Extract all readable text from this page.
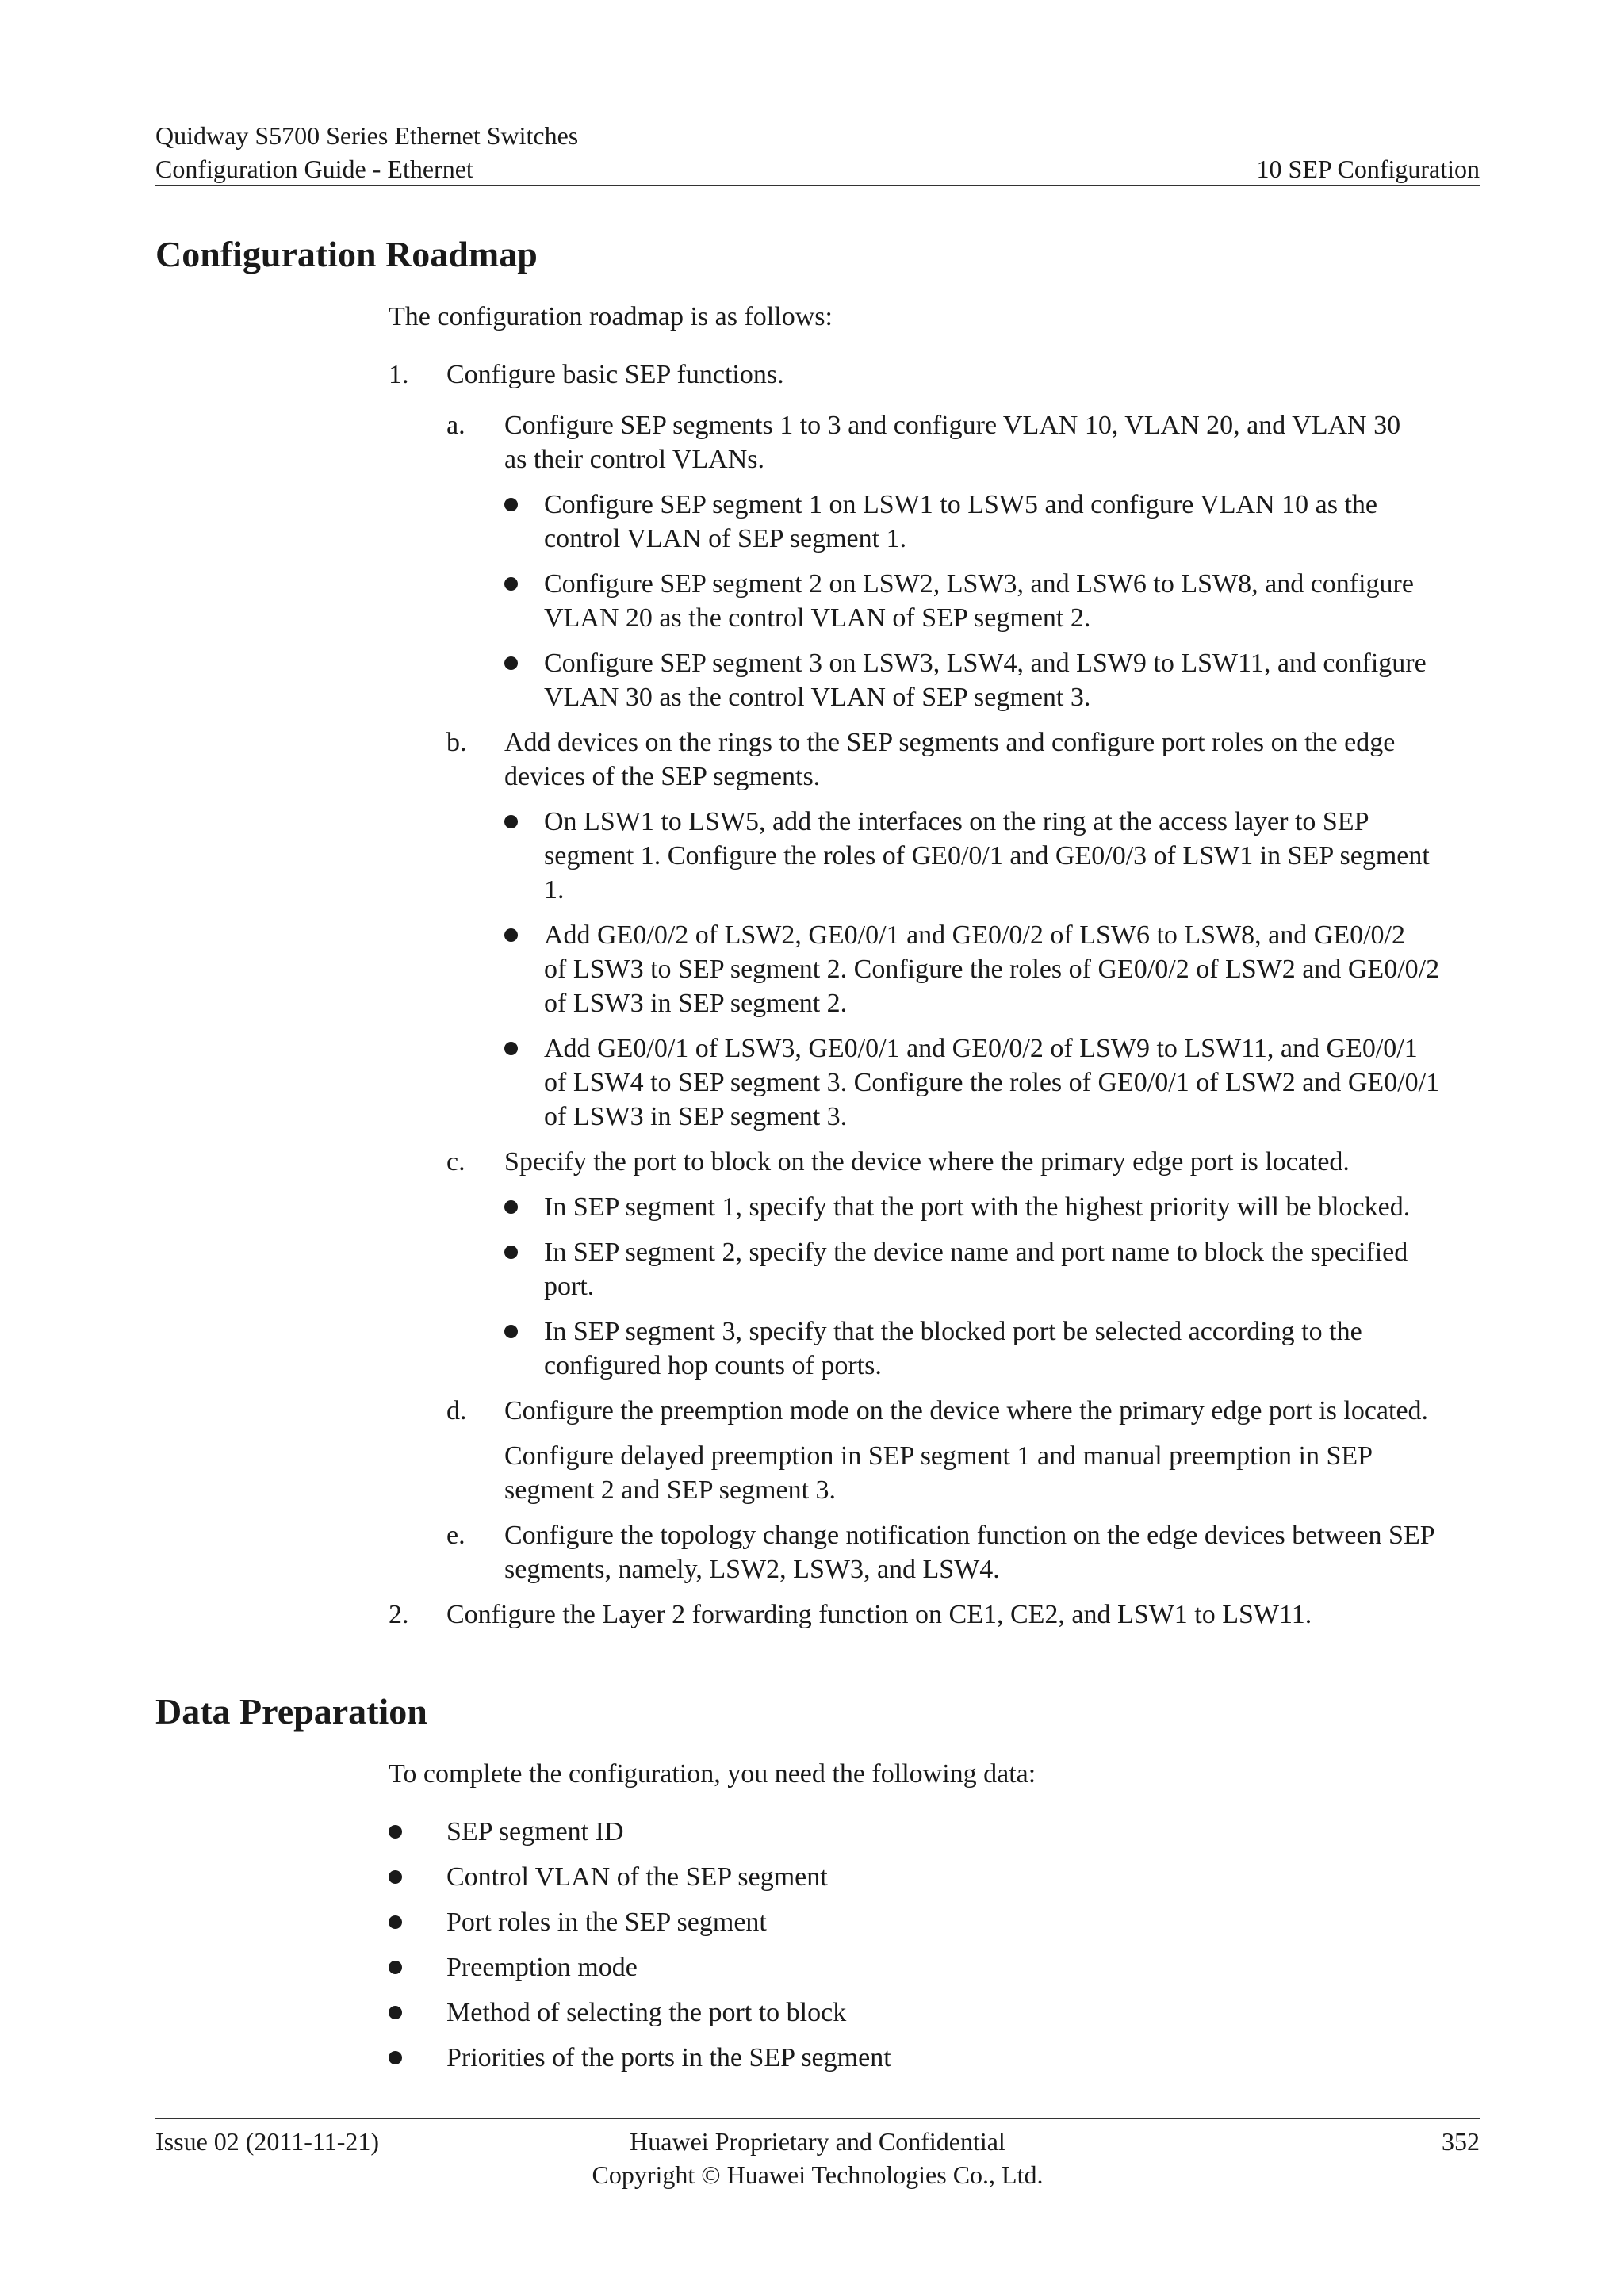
Quidway S5700 Series Ethernet Switches
Configuration Guide - Ethernet	10 SEP Configuration
Configuration Roadmap

The configuration roadmap is as follows:

1. Configure basic SEP functions.
a. Configure SEP segments 1 to 3 and configure VLAN 10, VLAN 20, and VLAN 30
as their control VLANs.
Configure SEP segment 1 on LSW1 to LSW5 and configure VLAN 10 as the
control VLAN of SEP segment 1.
Configure SEP segment 2 on LSW2, LSW3, and LSW6 to LSW8, and configure
VLAN 20 as the control VLAN of SEP segment 2.
Configure SEP segment 3 on LSW3, LSW4, and LSW9 to LSW11, and configure
VLAN 30 as the control VLAN of SEP segment 3.
b. Add devices on the rings to the SEP segments and configure port roles on the edge
devices of the SEP segments.
On LSW1 to LSW5, add the interfaces on the ring at the access layer to SEP
segment 1. Configure the roles of GE0/0/1 and GE0/0/3 of LSW1 in SEP segment
1.
Add GE0/0/2 of LSW2, GE0/0/1 and GE0/0/2 of LSW6 to LSW8, and GE0/0/2
of LSW3 to SEP segment 2. Configure the roles of GE0/0/2 of LSW2 and GE0/0/2
of LSW3 in SEP segment 2.
Add GE0/0/1 of LSW3, GE0/0/1 and GE0/0/2 of LSW9 to LSW11, and GE0/0/1
of LSW4 to SEP segment 3. Configure the roles of GE0/0/1 of LSW2 and GE0/0/1
of LSW3 in SEP segment 3.
c. Specify the port to block on the device where the primary edge port is located.
In SEP segment 1, specify that the port with the highest priority will be blocked.
In SEP segment 2, specify the device name and port name to block the specified
port.
In SEP segment 3, specify that the blocked port be selected according to the
configured hop counts of ports.
d. Configure the preemption mode on the device where the primary edge port is located.
Configure delayed preemption in SEP segment 1 and manual preemption in SEP
segment 2 and SEP segment 3.
e. Configure the topology change notification function on the edge devices between SEP
segments, namely, LSW2, LSW3, and LSW4.
2. Configure the Layer 2 forwarding function on CE1, CE2, and LSW1 to LSW11.
Data Preparation

To complete the configuration, you need the following data:

SEP segment ID
Control VLAN of the SEP segment
Port roles in the SEP segment
Preemption mode
Method of selecting the port to block
Priorities of the ports in the SEP segment
Issue 02 (2011-11-21)	Huawei Proprietary and Confidential
Copyright © Huawei Technologies Co., Ltd.
352
